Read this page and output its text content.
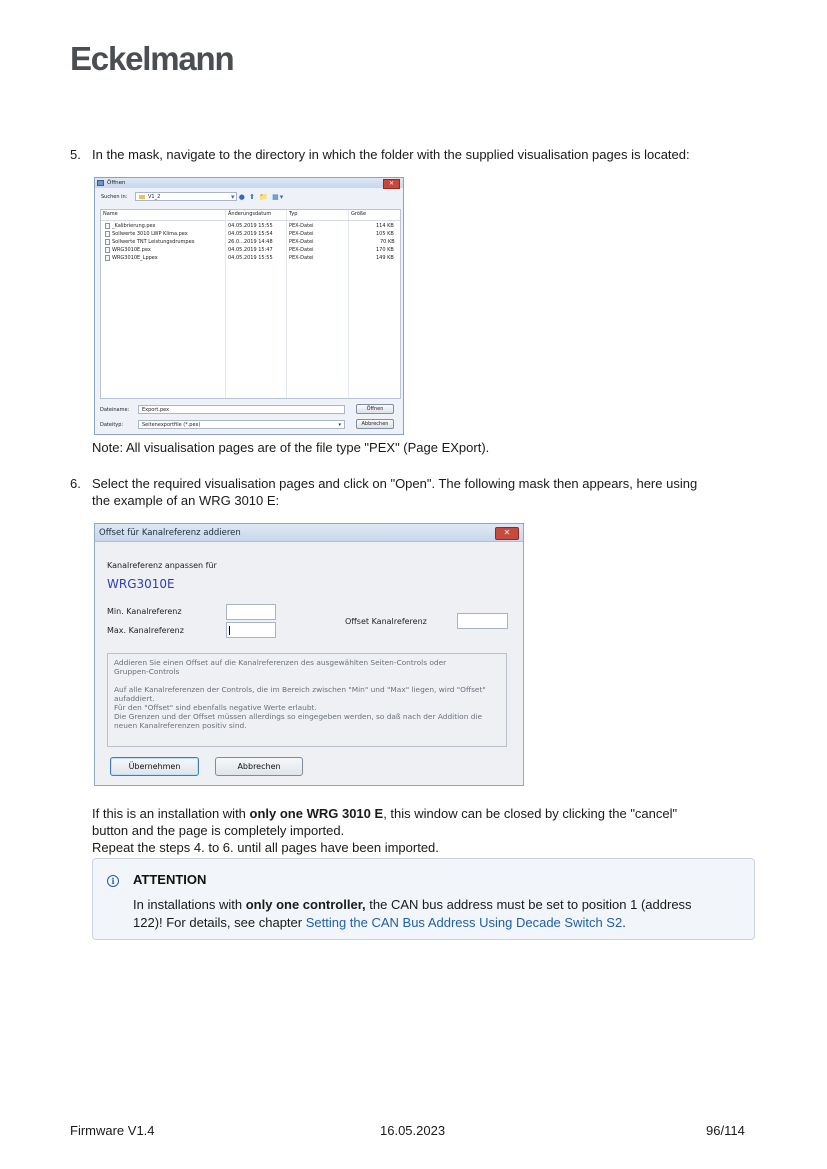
Eckelmann
5. In the mask, navigate to the directory in which the folder with the supplied visualisation pages is located:
Öffnen	✕
Suchen in:	V1_2	▾ ● ⬆ 📁 ▦▾
Name	Änderungsdatum	Typ	Größe
_Kalibrierung.pex	04.05.2019 15:55	PEX-Datei	114 KB
Sollwerte 3010 LWP Klima.pex	04.05.2019 15:54	PEX-Datei	105 KB
Sollwerte TNT Leistungsdrumpex	26.0...2019 14:48	PEX-Datei	70 KB
WRG3010E.pex	04.05.2019 15:47	PEX-Datei	170 KB
WRG3010E_Lppex	04.05.2019 15:55	PEX-Datei	149 KB
Dateiname:	Export.pex	Öffnen
Dateityp:	Seitenexportfile (*.pex)	▾	Abbrechen
Note: All visualisation pages are of the file type "PEX" (Page EXport).
6. Select the required visualisation pages and click on "Open". The following mask then appears, here using
the example of an WRG 3010 E:
Offset für Kanalreferenz addieren	✕
Kanalreferenz anpassen für
WRG3010E
Min. Kanalreferenz
Max. Kanalreferenz
Offset Kanalreferenz

Addieren Sie einen Offset auf die Kanalreferenzen des ausgewählten Seiten-Controls oder

Gruppen-Controls

Auf alle Kanalreferenzen der Controls, die im Bereich zwischen "Min" und "Max" liegen, wird "Offset"

aufaddiert.

Für den "Offset" sind ebenfalls negative Werte erlaubt.

Die Grenzen und der Offset müssen allerdings so eingegeben werden, so daß nach der Addition die

neuen Kanalreferenzen positiv sind.

Übernehmen	Abbrechen
If this is an installation with only one WRG 3010 E, this window can be closed by clicking the "cancel"
button and the page is completely imported.
Repeat the steps 4. to 6. until all pages have been imported.
i	ATTENTION
In installations with only one controller, the CAN bus address must be set to position 1 (address
122)! For details, see chapter Setting the CAN Bus Address Using Decade Switch S2.
Firmware V1.4	16.05.2023	96/114
